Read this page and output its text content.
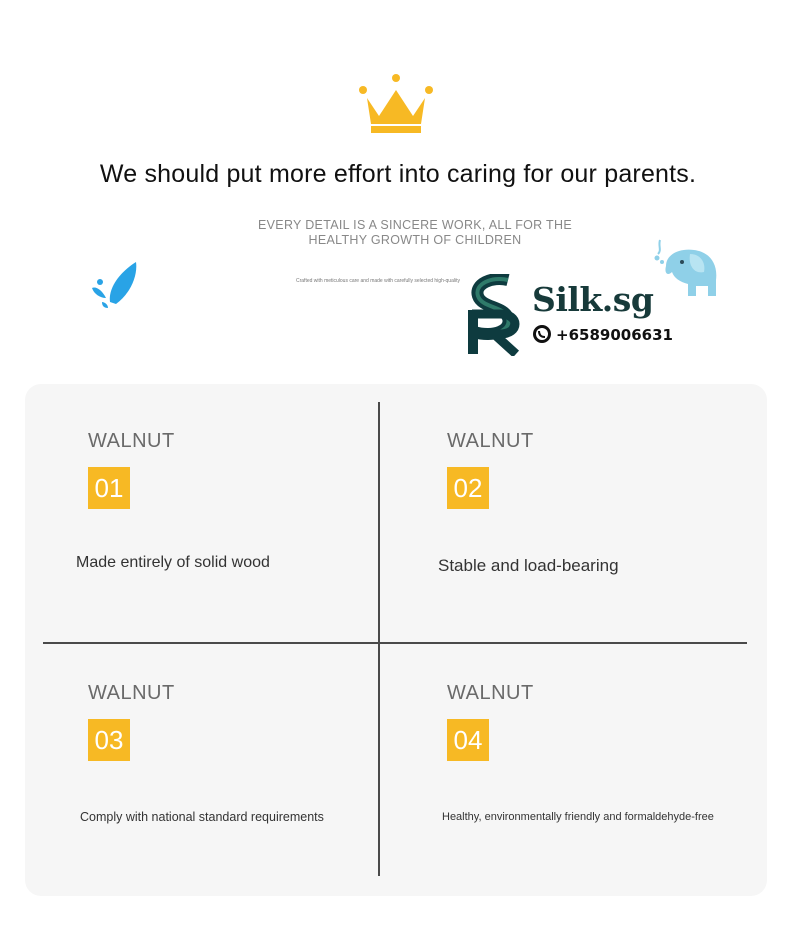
We should put more effort into caring for our parents.
EVERY DETAIL IS A SINCERE WORK, ALL FOR THE
HEALTHY GROWTH OF CHILDREN
Crafted with meticulous care and made with carefully selected high-quality	Silk.sg
+6589006631
WALNUT
01
Made entirely of solid wood
WALNUT
02
Stable and load-bearing
WALNUT
03
Comply with national standard requirements
WALNUT
04
Healthy, environmentally friendly and formaldehyde-free
